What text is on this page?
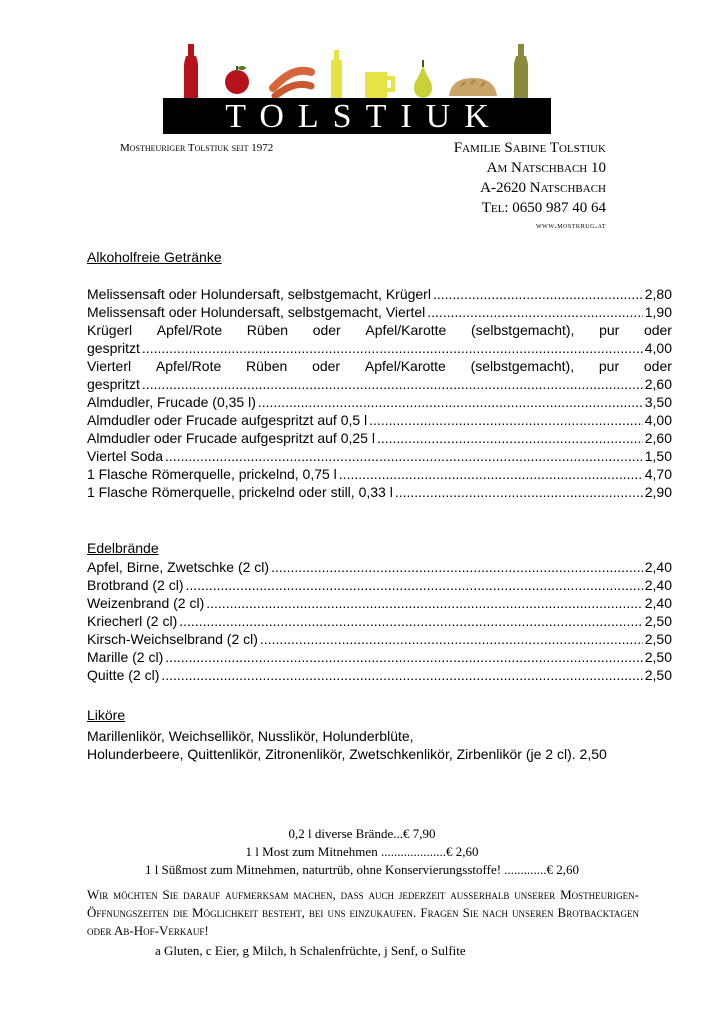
TOLSTIUK
Mostheuriger Tolstiuk seit 1972	Familie Sabine Tolstiuk
Am Natschbach 10
A-2620 Natschbach
Tel: 0650 987 40 64
www.mostkrug.at
Alkoholfreie Getränke
Melissensaft oder Holundersaft, selbstgemacht, Krügerl .....	2,80
Melissensaft oder Holundersaft, selbstgemacht, Viertel .....	1,90
Krügerl Apfel/Rote Rüben oder Apfel/Karotte (selbstgemacht), pur oder
gespritzt .....	4,00
Vierterl Apfel/Rote Rüben oder Apfel/Karotte (selbstgemacht), pur oder
gespritzt .....	2,60
Almdudler, Frucade (0,35 l) .....	3,50
Almdudler oder Frucade aufgespritzt auf 0,5 l .....	4,00
Almdudler oder Frucade aufgespritzt auf 0,25 l .....	2,60
Viertel Soda .....	1,50
1 Flasche Römerquelle, prickelnd, 0,75 l .....	4,70
1 Flasche Römerquelle, prickelnd oder still, 0,33 l .....	2,90
Edelbrände
Apfel, Birne, Zwetschke (2 cl) .....	2,40
Brotbrand (2 cl) .....	2,40
Weizenbrand (2 cl) .....	2,40
Kriecherl (2 cl) .....	2,50
Kirsch-Weichselbrand (2 cl) .....	2,50
Marille (2 cl) .....	2,50
Quitte (2 cl) .....	2,50
Liköre
Marillenlikör, Weichsellikör, Nusslikör, Holunderblüte,
Holunderbeere, Quittenlikör, Zitronenlikör, Zwetschkenlikör, Zirbenlikör (je 2 cl). 2,50
0,2 l diverse Brände...€ 7,90
1 l Most zum Mitnehmen ....................€ 2,60
1 l Süßmost zum Mitnehmen, naturtrüb, ohne Konservierungsstoffe! .............€ 2,60
Wir möchten Sie darauf aufmerksam machen, dass auch jederzeit ausserhalb unserer Mostheurigen-Öffnungszeiten die Möglichkeit besteht, bei uns einzukaufen. Fragen Sie nach unseren Brotbacktagen oder Ab-Hof-Verkauf!
a Gluten, c Eier, g Milch, h Schalenfrüchte, j Senf, o Sulfite
